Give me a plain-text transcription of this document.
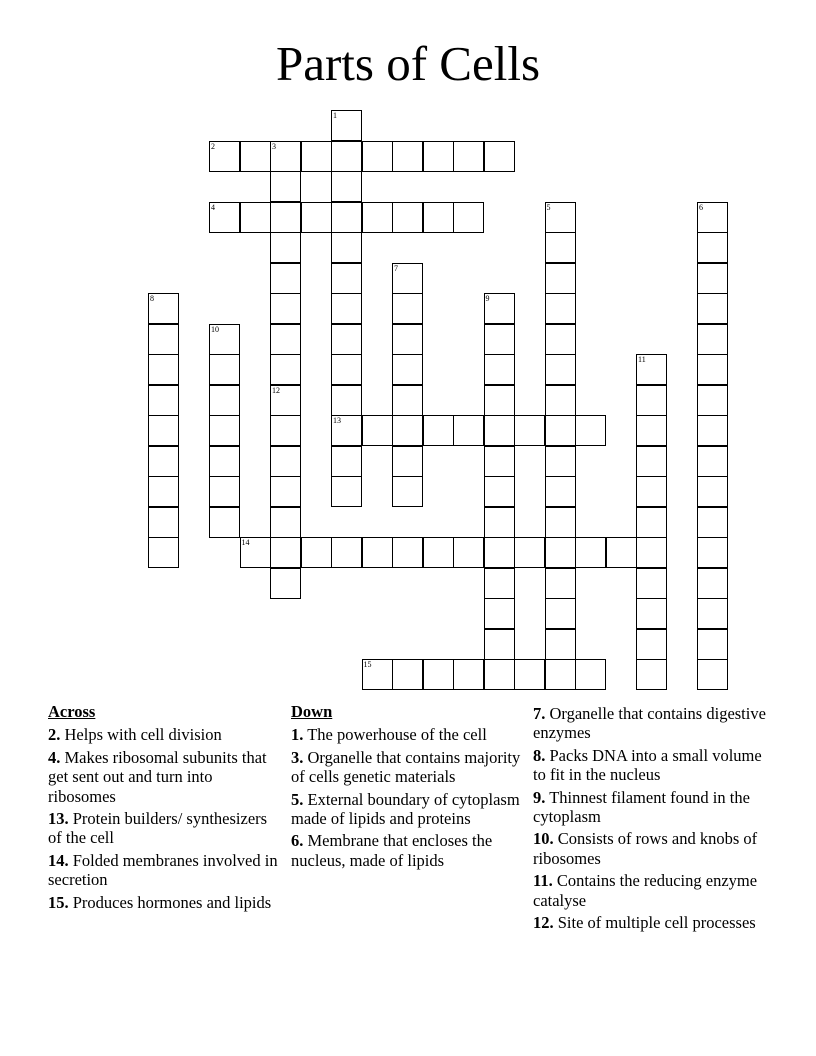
Parts of Cells
1
13
2	3
4	5	6
7
8	9
10
11
12
14
15
Across
2. Helps with cell division
4. Makes ribosomal subunits that get sent out and turn into ribosomes
13. Protein builders/ synthesizers of the cell
14. Folded membranes involved in secretion
15. Produces hormones and lipids
Down
1. The powerhouse of the cell
3. Organelle that contains majority of cells genetic materials
5. External boundary of cytoplasm made of lipids and proteins
6. Membrane that encloses the nucleus, made of lipids
7. Organelle that contains digestive enzymes
8. Packs DNA into a small volume to fit in the nucleus
9. Thinnest filament found in the cytoplasm
10. Consists of rows and knobs of ribosomes
11. Contains the reducing enzyme catalyse
12. Site of multiple cell processes
